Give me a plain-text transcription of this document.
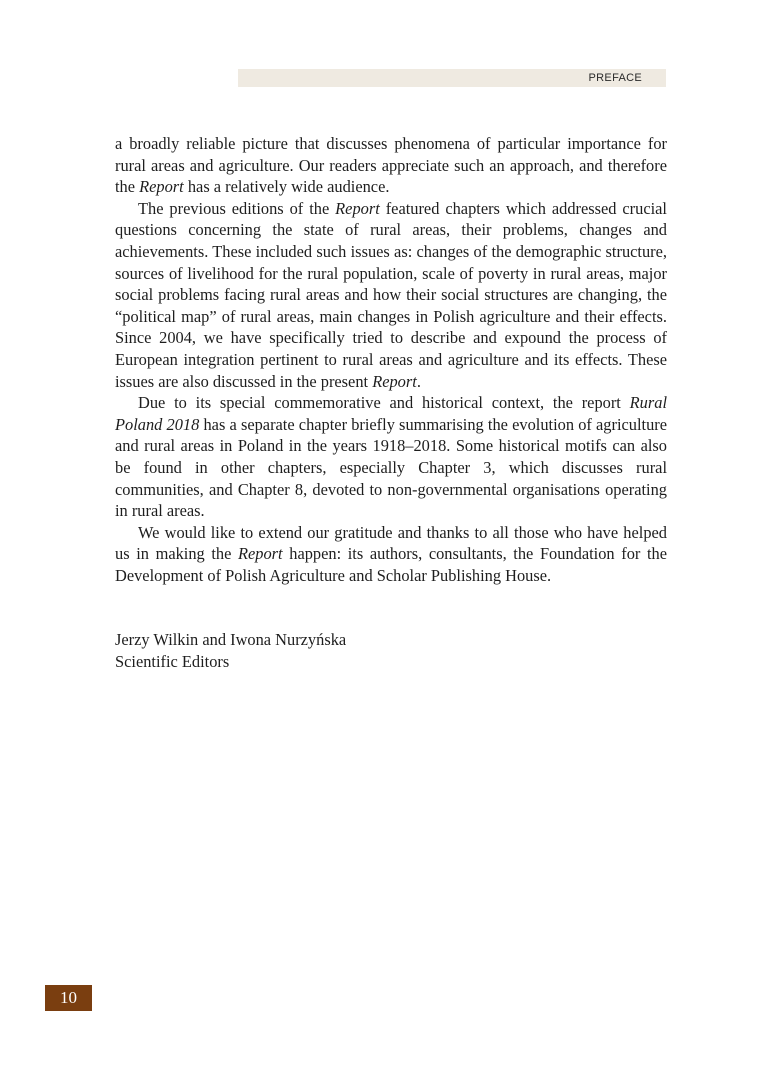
PREFACE

a broadly reliable picture that discusses phenomena of particular importance for rural areas and agriculture. Our readers appreciate such an approach, and therefore the Report has a relatively wide audience.

The previous editions of the Report featured chapters which addressed crucial questions concerning the state of rural areas, their problems, changes and achievements. These included such issues as: changes of the demographic structure, sources of livelihood for the rural population, scale of poverty in rural areas, major social problems facing rural areas and how their social structures are changing, the “political map” of rural areas, main changes in Polish agriculture and their effects. Since 2004, we have specifically tried to describe and expound the process of European integration pertinent to rural areas and agriculture and its effects. These issues are also discussed in the present Report.

Due to its special commemorative and historical context, the report Rural Poland 2018 has a separate chapter briefly summarising the evolution of agriculture and rural areas in Poland in the years 1918–2018. Some historical motifs can also be found in other chapters, especially Chapter 3, which discusses rural communities, and Chapter 8, devoted to non-governmental organisations operating in rural areas.

We would like to extend our gratitude and thanks to all those who have helped us in making the Report happen: its authors, consultants, the Foundation for the Development of Polish Agriculture and Scholar Publishing House.

Jerzy Wilkin and Iwona Nurzyńska
Scientific Editors
10
